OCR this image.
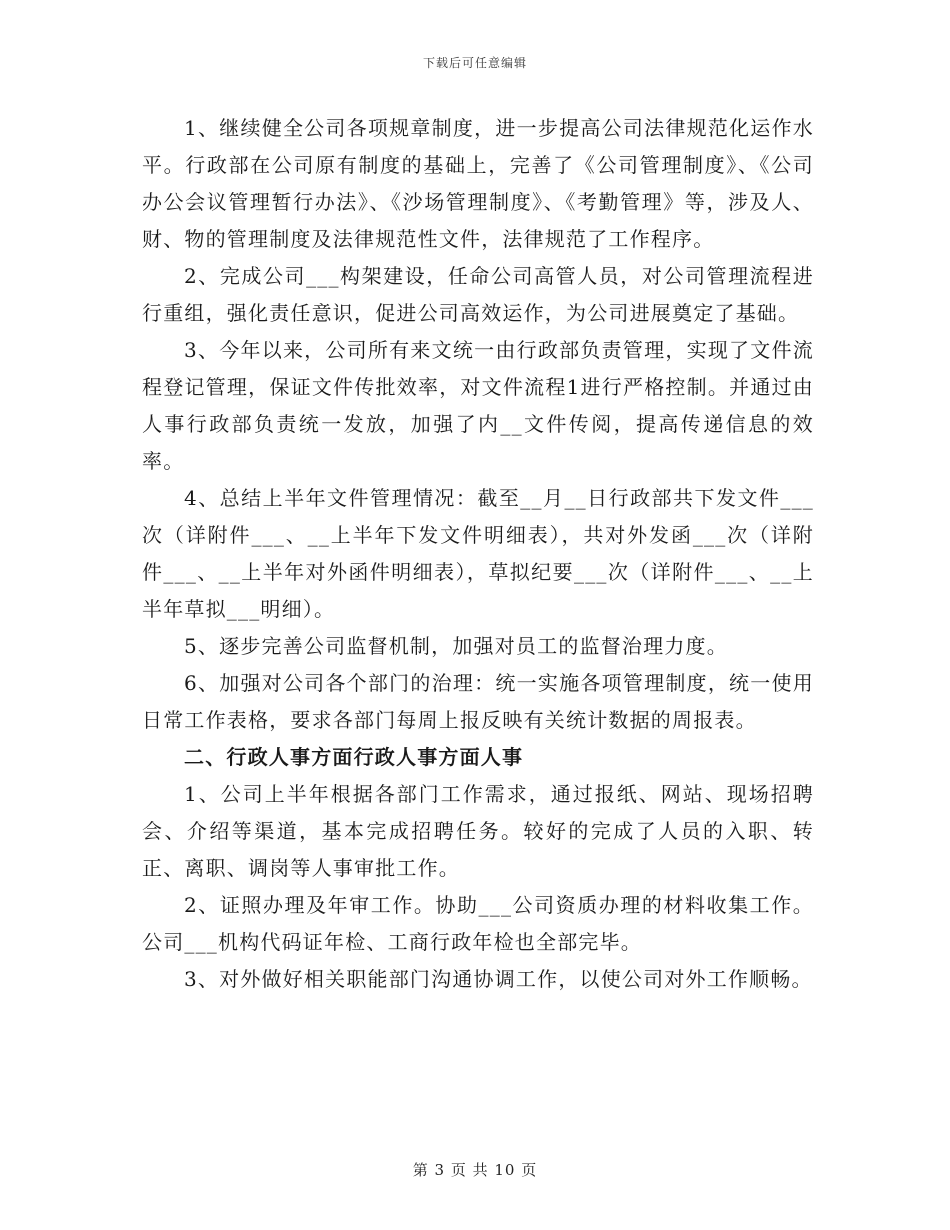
下载后可任意编辑

1、继续健全公司各项规章制度，进一步提高公司法律规范化运作水平。行政部在公司原有制度的基础上，完善了《公司管理制度》、《公司办公会议管理暂行办法》、《沙场管理制度》、《考勤管理》等，涉及人、财、物的管理制度及法律规范性文件，法律规范了工作程序。

2、完成公司___构架建设，任命公司高管人员，对公司管理流程进行重组，强化责任意识，促进公司高效运作，为公司进展奠定了基础。

3、今年以来，公司所有来文统一由行政部负责管理，实现了文件流程登记管理，保证文件传批效率，对文件流程1进行严格控制。并通过由人事行政部负责统一发放，加强了内__文件传阅，提高传递信息的效率。

4、总结上半年文件管理情况：截至__月__日行政部共下发文件___次（详附件___、__上半年下发文件明细表），共对外发函___次（详附件___、__上半年对外函件明细表），草拟纪要___次（详附件___、__上半年草拟___明细）。

5、逐步完善公司监督机制，加强对员工的监督治理力度。

6、加强对公司各个部门的治理：统一实施各项管理制度，统一使用日常工作表格，要求各部门每周上报反映有关统计数据的周报表。

二、行政人事方面行政人事方面人事

1、公司上半年根据各部门工作需求，通过报纸、网站、现场招聘会、介绍等渠道，基本完成招聘任务。较好的完成了人员的入职、转正、离职、调岗等人事审批工作。

2、证照办理及年审工作。协助___公司资质办理的材料收集工作。公司___机构代码证年检、工商行政年检也全部完毕。

3、对外做好相关职能部门沟通协调工作，以使公司对外工作顺畅。

第 3 页 共 10 页
